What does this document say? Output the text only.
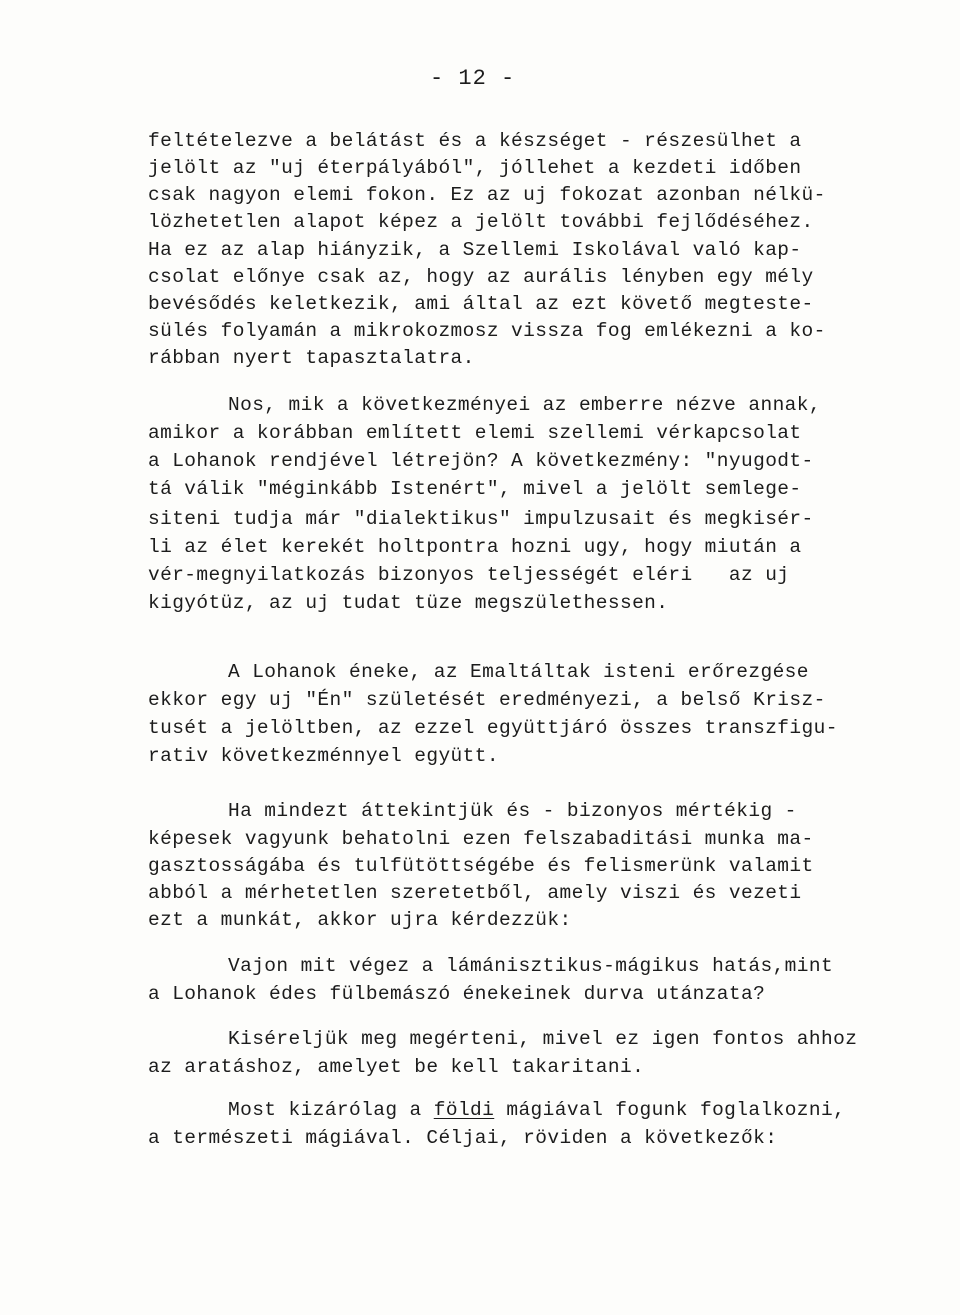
- 12 -
feltételezve a belátást és a készséget - részesülhet a
jelölt az "uj éterpályából", jóllehet a kezdeti időben
csak nagyon elemi fokon. Ez az uj fokozat azonban nélkü-
lözhetetlen alapot képez a jelölt további fejlődéséhez.
Ha ez az alap hiányzik, a Szellemi Iskolával való kap-
csolat előnye csak az, hogy az aurális lényben egy mély
bevésődés keletkezik, ami által az ezt követő megteste-
sülés folyamán a mikrokozmosz vissza fog emlékezni a ko-
rábban nyert tapasztalatra.
Nos, mik a következményei az emberre nézve annak,
amikor a korábban említett elemi szellemi vérkapcsolat
a Lohanok rendjével létrejön? A következmény: "nyugodt-
tá válik "méginkább Istenért", mivel a jelölt semlege-
siteni tudja már "dialektikus" impulzusait és megkisér-
li az élet kerekét holtpontra hozni ugy, hogy miután a
vér-megnyilatkozás bizonyos teljességét eléri   az uj
kigyótüz, az uj tudat tüze megszülethessen.
A Lohanok éneke, az Emaltáltak isteni erőrezgése
ekkor egy uj "Én" születését eredményezi, a belső Krisz-
tusét a jelöltben, az ezzel együttjáró összes transzfigu-
rativ következménnyel együtt.
Ha mindezt áttekintjük és - bizonyos mértékig -
képesek vagyunk behatolni ezen felszabaditási munka ma-
gasztosságába és tulfütöttségébe és felismerünk valamit
abból a mérhetetlen szeretetből, amely viszi és vezeti
ezt a munkát, akkor ujra kérdezzük:
Vajon mit végez a lámánisztikus-mágikus hatás,mint
a Lohanok édes fülbemászó énekeinek durva utánzata?
Kiséreljük meg megérteni, mivel ez igen fontos ahhoz
az aratáshoz, amelyet be kell takaritani.
Most kizárólag a földi mágiával fogunk foglalkozni,
a természeti mágiával. Céljai, röviden a következők:
